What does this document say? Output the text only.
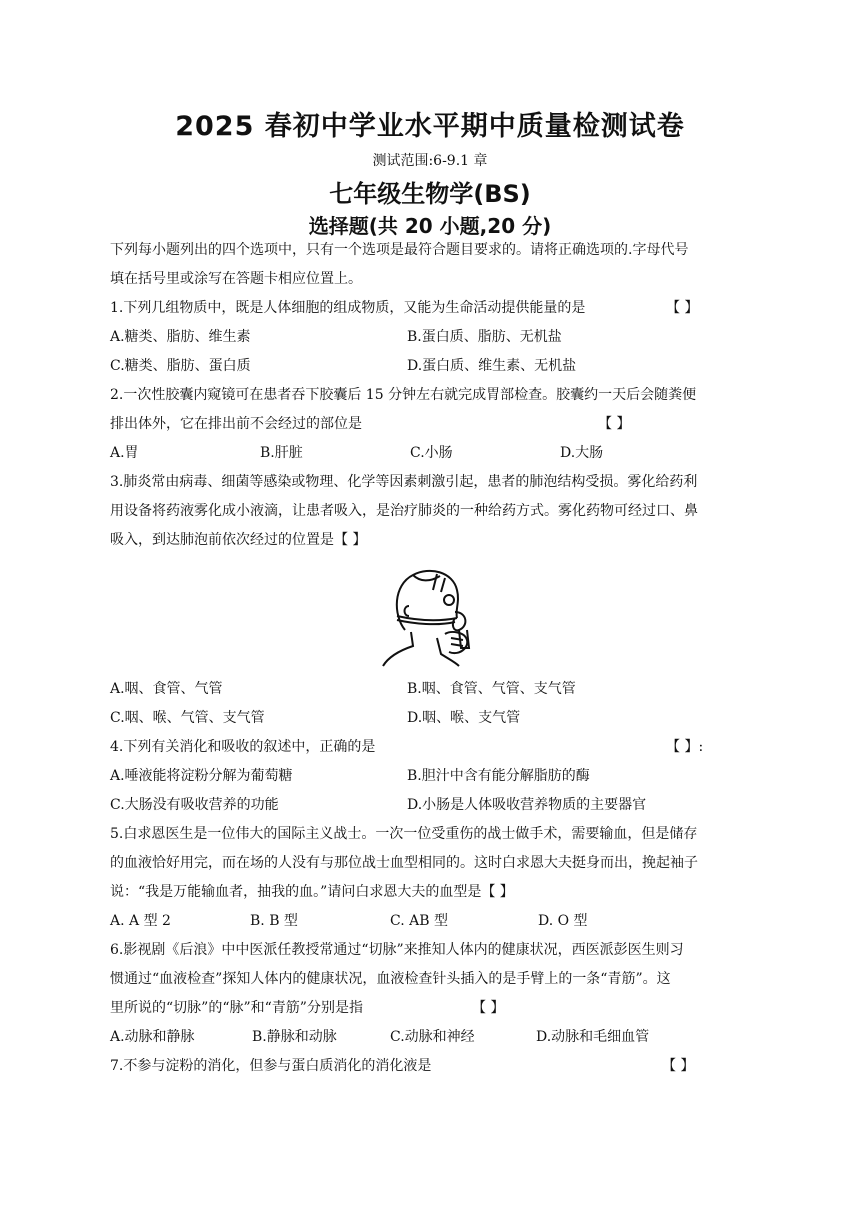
2025 春初中学业水平期中质量检测试卷
测试范围:6-9.1 章
七年级生物学(BS)
选择题(共 20 小题,20 分)
下列每小题列出的四个选项中，只有一个选项是最符合题目要求的。请将正确选项的.字母代号
填在括号里或涂写在答题卡相应位置上。
1.下列几组物质中，既是人体细胞的组成物质，又能为生命活动提供能量的是	【 】
A.糖类、脂肪、维生素	B.蛋白质、脂肪、无机盐
C.糖类、脂肪、蛋白质	D.蛋白质、维生素、无机盐
2.一次性胶囊内窥镜可在患者吞下胶囊后 15 分钟左右就完成胃部检查。胶囊约一天后会随粪便
排出体外，它在排出前不会经过的部位是	【 】
A.胃	B.肝脏	C.小肠	D.大肠
3.肺炎常由病毒、细菌等感染或物理、化学等因素刺激引起，患者的肺泡结构受损。雾化给药利
用设备将药液雾化成小液滴，让患者吸入，是治疗肺炎的一种给药方式。雾化药物可经过口、鼻
吸入，到达肺泡前依次经过的位置是【 】
A.咽、食管、气管	B.咽、食管、气管、支气管
C.咽、喉、气管、支气管	D.咽、喉、支气管
4.下列有关消化和吸收的叙述中，正确的是	【 】:
A.唾液能将淀粉分解为葡萄糖	B.胆汁中含有能分解脂肪的酶
C.大肠没有吸收营养的功能	D.小肠是人体吸收营养物质的主要器官
5.白求恩医生是一位伟大的国际主义战士。一次一位受重伤的战士做手术，需要输血，但是储存
的血液恰好用完，而在场的人没有与那位战士血型相同的。这时白求恩大夫挺身而出，挽起袖子
说：“我是万能输血者，抽我的血。”请问白求恩大夫的血型是【 】
A. A 型 2	B. B 型	C. AB 型	D. O 型
6.影视剧《后浪》中中医派任教授常通过“切脉”来推知人体内的健康状况，西医派彭医生则习
惯通过“血液检查”探知人体内的健康状况，血液检查针头插入的是手臂上的一条“青筋”。这
里所说的“切脉”的“脉”和“青筋”分别是指	【 】
A.动脉和静脉	B.静脉和动脉	C.动脉和神经	D.动脉和毛细血管
7.不参与淀粉的消化，但参与蛋白质消化的消化液是	【 】
